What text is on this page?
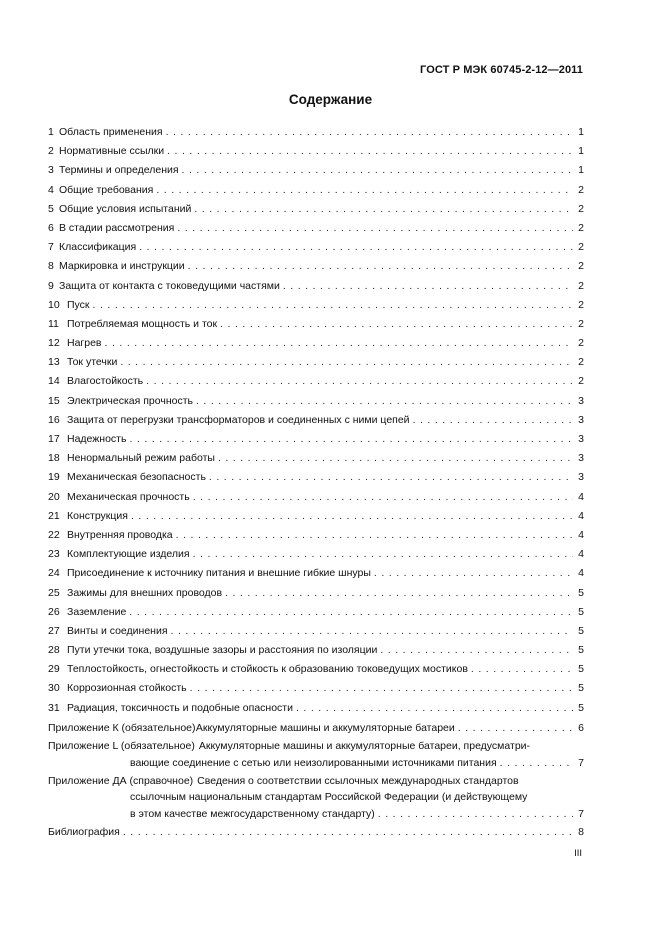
ГОСТ Р МЭК 60745-2-12—2011
Содержание
1 Область применения . . .	1
2 Нормативные ссылки . . .	1
3 Термины и определения . . .	1
4 Общие требования . . .	2
5 Общие условия испытаний . . .	2
6 В стадии рассмотрения . . .	2
7 Классификация . . .	2
8 Маркировка и инструкции . . .	2
9 Защита от контакта с токоведущими частями . . .	2
10 Пуск . . .	2
11 Потребляемая мощность и ток . . .	2
12 Нагрев . . .	2
13 Ток утечки . . .	2
14 Влагостойкость . . .	2
15 Электрическая прочность . . .	3
16 Защита от перегрузки трансформаторов и соединенных с ними цепей . . .	3
17 Надежность . . .	3
18 Ненормальный режим работы . . .	3
19 Механическая безопасность . . .	3
20 Механическая прочность . . .	4
21 Конструкция . . .	4
22 Внутренняя проводка . . .	4
23 Комплектующие изделия . . .	4
24 Присоединение к источнику питания и внешние гибкие шнуры . . .	4
25 Зажимы для внешних проводов . . .	5
26 Заземление . . .	5
27 Винты и соединения . . .	5
28 Пути утечки тока, воздушные зазоры и расстояния по изоляции . . .	5
29 Теплостойкость, огнестойкость и стойкость к образованию токоведущих мостиков . . .	5
30 Коррозионная стойкость . . .	5
31 Радиация, токсичность и подобные опасности . . .	5
Приложение К (обязательное) Аккумуляторные машины и аккумуляторные батареи . . .	6
Приложение L (обязательное) Аккумуляторные машины и аккумуляторные батареи, предусматри-
вающие соединение с сетью или неизолированными источниками питания . . .	7
Приложение ДА (справочное) Сведения о соответствии ссылочных международных стандартов
ссылочным национальным стандартам Российской Федерации (и действующему
в этом качестве межгосударственному стандарту) . . .	7
Библиография . . .	8
III
